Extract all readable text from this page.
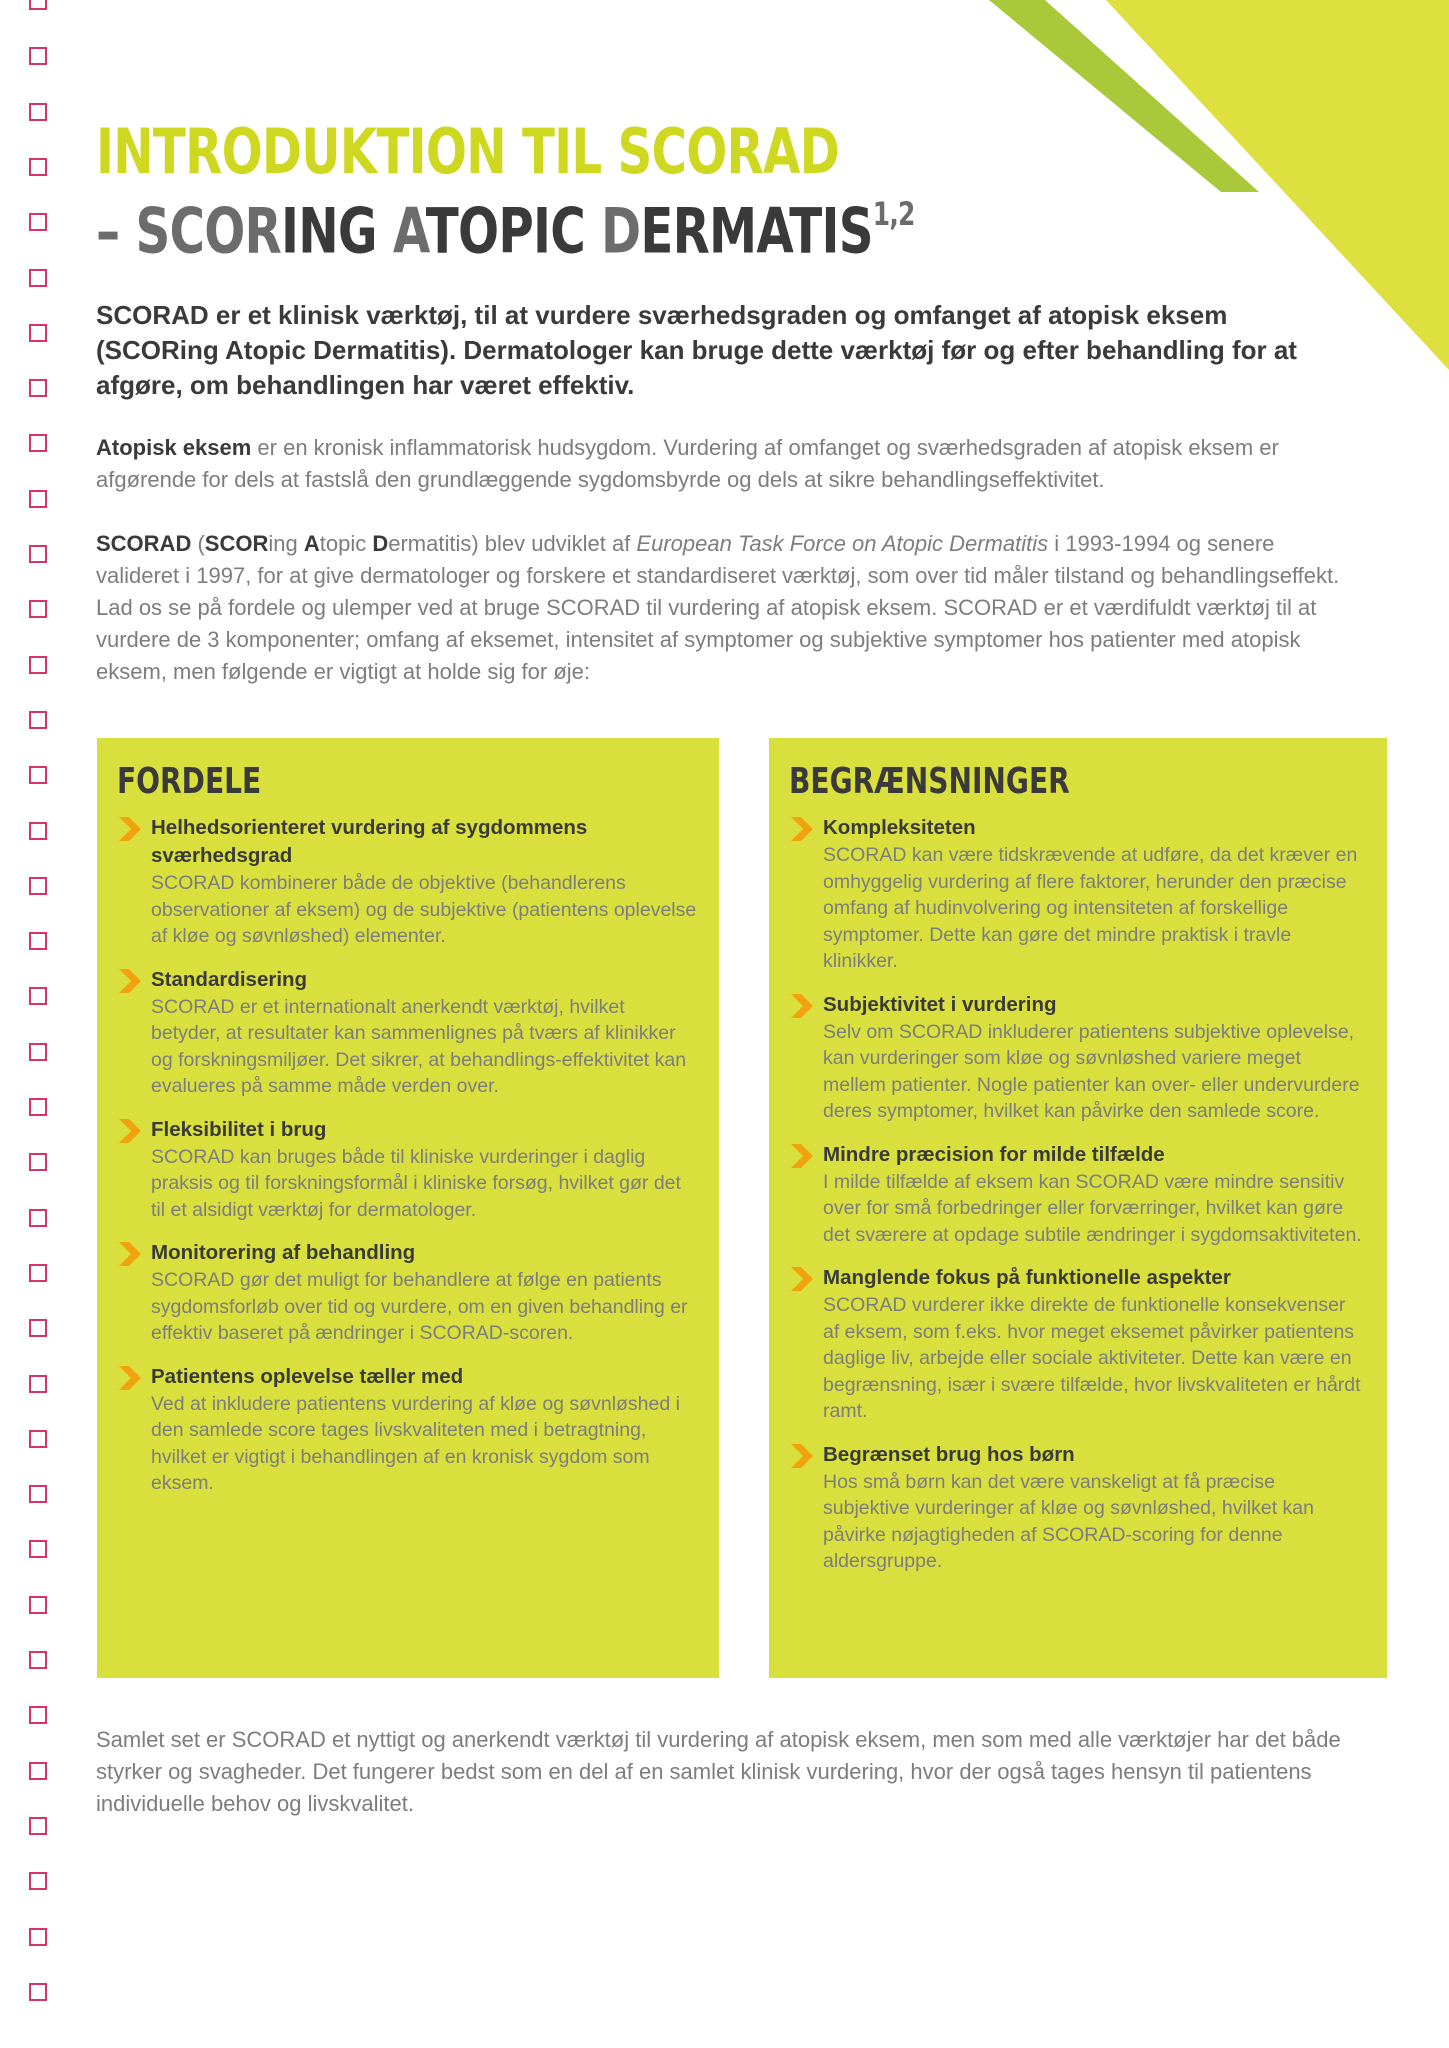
INTRODUKTION TIL SCORAD
– SCORING ATOPIC DERMATIS$^{1,2}$

SCORAD er et klinisk værktøj, til at vurdere sværhedsgraden og omfanget af atopisk eksem (SCORing Atopic Dermatitis). Dermatologer kan bruge dette værktøj før og efter behandling for at afgøre, om behandlingen har været effektiv.

Atopisk eksem er en kronisk inflammatorisk hudsygdom. Vurdering af omfanget og sværhedsgraden af atopisk eksem er afgørende for dels at fastslå den grundlæggende sygdomsbyrde og dels at sikre behandlingseffektivitet.

SCORAD (SCORing Atopic Dermatitis) blev udviklet af European Task Force on Atopic Dermatitis i 1993-1994 og senere valideret i 1997, for at give dermatologer og forskere et standardiseret værktøj, som over tid måler tilstand og behandlingseffekt. Lad os se på fordele og ulemper ved at bruge SCORAD til vurdering af atopisk eksem. SCORAD er et værdifuldt værktøj til at vurdere de 3 komponenter; omfang af eksemet, intensitet af symptomer og subjektive symptomer hos patienter med atopisk eksem, men følgende er vigtigt at holde sig for øje:

FORDELE
Helhedsorienteret vurdering af sygdommens sværhedsgrad
SCORAD kombinerer både de objektive (behandlerens observationer af eksem) og de subjektive (patientens oplevelse af kløe og søvnløshed) elementer.
Standardisering
SCORAD er et internationalt anerkendt værktøj, hvilket betyder, at resultater kan sammenlignes på tværs af klinikker og forskningsmiljøer. Det sikrer, at behandlings-effektivitet kan evalueres på samme måde verden over.
Fleksibilitet i brug
SCORAD kan bruges både til kliniske vurderinger i daglig praksis og til forskningsformål i kliniske forsøg, hvilket gør det til et alsidigt værktøj for dermatologer.
Monitorering af behandling
SCORAD gør det muligt for behandlere at følge en patients sygdomsforløb over tid og vurdere, om en given behandling er effektiv baseret på ændringer i SCORAD-scoren.
Patientens oplevelse tæller med
Ved at inkludere patientens vurdering af kløe og søvnløshed i den samlede score tages livskvaliteten med i betragtning, hvilket er vigtigt i behandlingen af en kronisk sygdom som eksem.
BEGRÆNSNINGER
Kompleksiteten
SCORAD kan være tidskrævende at udføre, da det kræver en omhyggelig vurdering af flere faktorer, herunder den præcise omfang af hudinvolvering og intensiteten af forskellige symptomer. Dette kan gøre det mindre praktisk i travle klinikker.
Subjektivitet i vurdering
Selv om SCORAD inkluderer patientens subjektive oplevelse, kan vurderinger som kløe og søvnløshed variere meget mellem patienter. Nogle patienter kan over- eller undervurdere deres symptomer, hvilket kan påvirke den samlede score.
Mindre præcision for milde tilfælde
I milde tilfælde af eksem kan SCORAD være mindre sensitiv over for små forbedringer eller forværringer, hvilket kan gøre det sværere at opdage subtile ændringer i sygdomsaktiviteten.
Manglende fokus på funktionelle aspekter
SCORAD vurderer ikke direkte de funktionelle konsekvenser af eksem, som f.eks. hvor meget eksemet påvirker patientens daglige liv, arbejde eller sociale aktiviteter. Dette kan være en begrænsning, især i svære tilfælde, hvor livskvaliteten er hårdt ramt.
Begrænset brug hos børn
Hos små børn kan det være vanskeligt at få præcise subjektive vurderinger af kløe og søvnløshed, hvilket kan påvirke nøjagtigheden af SCORAD-scoring for denne aldersgruppe.

Samlet set er SCORAD et nyttigt og anerkendt værktøj til vurdering af atopisk eksem, men som med alle værktøjer har det både styrker og svagheder. Det fungerer bedst som en del af en samlet klinisk vurdering, hvor der også tages hensyn til patientens individuelle behov og livskvalitet.
